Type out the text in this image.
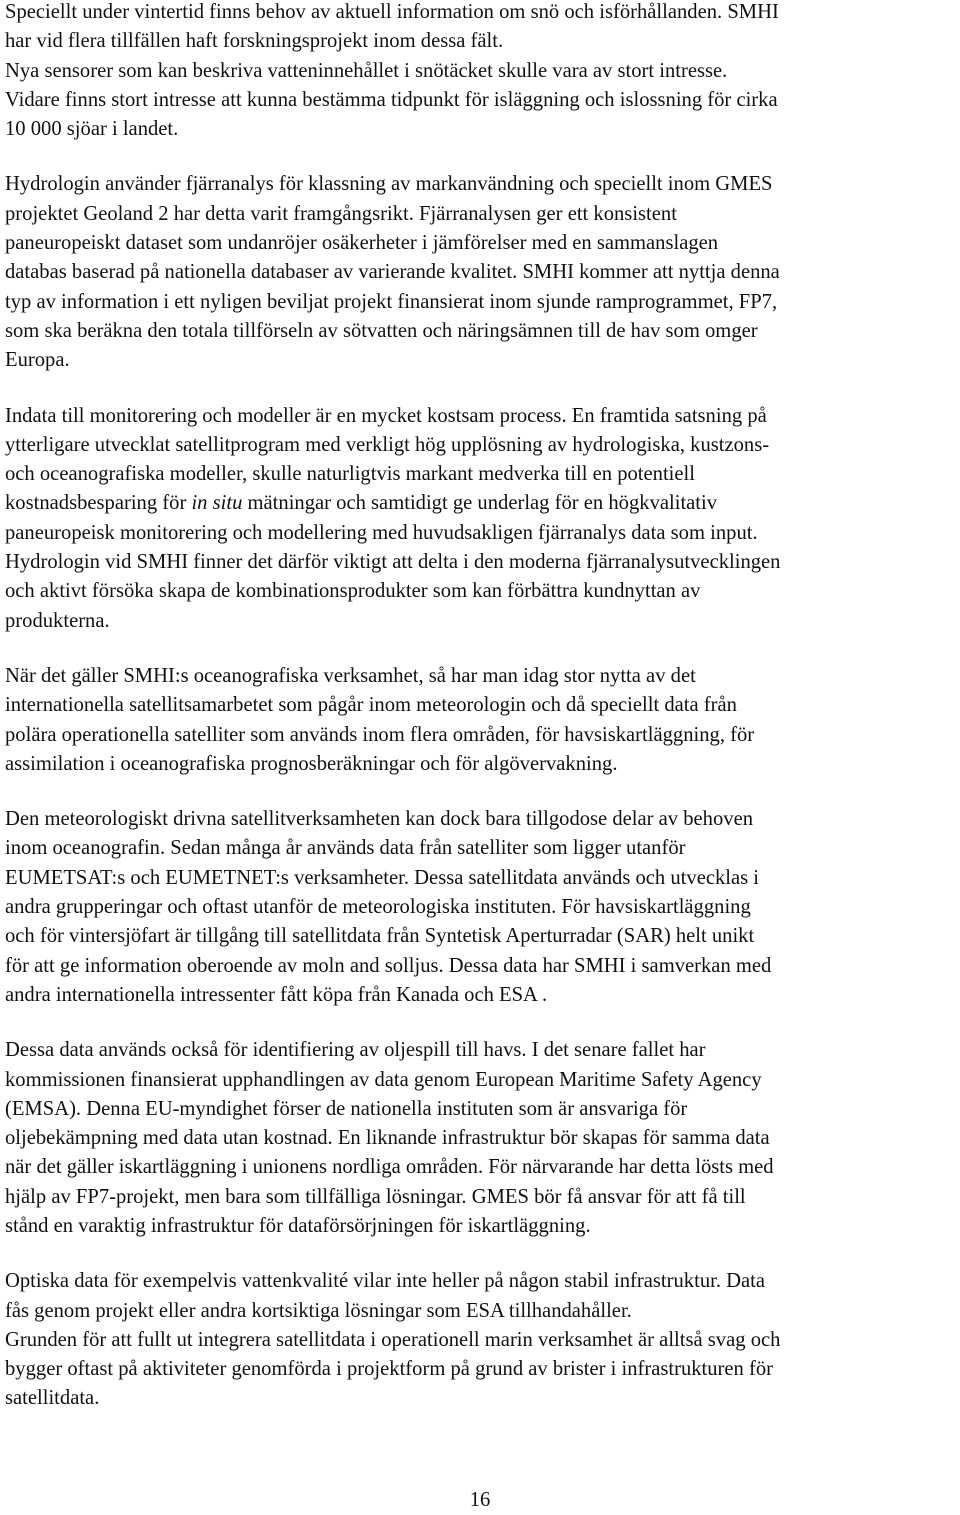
Speciellt under vintertid finns behov av aktuell information om snö och isförhållanden. SMHI
har vid flera tillfällen haft forskningsprojekt inom dessa fält.
Nya sensorer som kan beskriva vatteninnehållet i snötäcket skulle vara av stort intresse.
Vidare finns stort intresse att kunna bestämma tidpunkt för isläggning och islossning för cirka
10 000 sjöar i landet.

Hydrologin använder fjärranalys för klassning av markanvändning och speciellt inom GMES
projektet Geoland 2 har detta varit framgångsrikt. Fjärranalysen ger ett konsistent
paneuropeiskt dataset som undanröjer osäkerheter i jämförelser med en sammanslagen
databas baserad på nationella databaser av varierande kvalitet. SMHI kommer att nyttja denna
typ av information i ett nyligen beviljat projekt finansierat inom sjunde ramprogrammet, FP7,
som ska beräkna den totala tillförseln av sötvatten och näringsämnen till de hav som omger
Europa.

Indata till monitorering och modeller är en mycket kostsam process. En framtida satsning på
ytterligare utvecklat satellitprogram med verkligt hög upplösning av hydrologiska, kustzons-
och oceanografiska modeller, skulle naturligtvis markant medverka till en potentiell
kostnadsbesparing för in situ mätningar och samtidigt ge underlag för en högkvalitativ
paneuropeisk monitorering och modellering med huvudsakligen fjärranalys data som input.
Hydrologin vid SMHI finner det därför viktigt att delta i den moderna fjärranalysutvecklingen
och aktivt försöka skapa de kombinationsprodukter som kan förbättra kundnyttan av
produkterna.

När det gäller SMHI:s oceanografiska verksamhet, så har man idag stor nytta av det
internationella satellitsamarbetet som pågår inom meteorologin och då speciellt data från
polära operationella satelliter som används inom flera områden, för havsiskartläggning, för
assimilation i oceanografiska prognosberäkningar och för algövervakning.

Den meteorologiskt drivna satellitverksamheten kan dock bara tillgodose delar av behoven
inom oceanografin. Sedan många år används data från satelliter som ligger utanför
EUMETSAT:s och EUMETNET:s verksamheter. Dessa satellitdata används och utvecklas i
andra grupperingar och oftast utanför de meteorologiska instituten. För havsiskartläggning
och för vintersjöfart är tillgång till satellitdata från Syntetisk Aperturradar (SAR) helt unikt
för att ge information oberoende av moln and solljus. Dessa data har SMHI i samverkan med
andra internationella intressenter fått köpa från Kanada och ESA .

Dessa data används också för identifiering av oljespill till havs. I det senare fallet har
kommissionen finansierat upphandlingen av data genom European Maritime Safety Agency
(EMSA). Denna EU-myndighet förser de nationella instituten som är ansvariga för
oljebekämpning med data utan kostnad. En liknande infrastruktur bör skapas för samma data
när det gäller iskartläggning i unionens nordliga områden. För närvarande har detta lösts med
hjälp av FP7-projekt, men bara som tillfälliga lösningar. GMES bör få ansvar för att få till
stånd en varaktig infrastruktur för dataförsörjningen för iskartläggning.

Optiska data för exempelvis vattenkvalité vilar inte heller på någon stabil infrastruktur. Data
fås genom projekt eller andra kortsiktiga lösningar som ESA tillhandahåller.

Grunden för att fullt ut integrera satellitdata i operationell marin verksamhet är alltså svag och
bygger oftast på aktiviteter genomförda i projektform på grund av brister i infrastrukturen för
satellitdata.

16
